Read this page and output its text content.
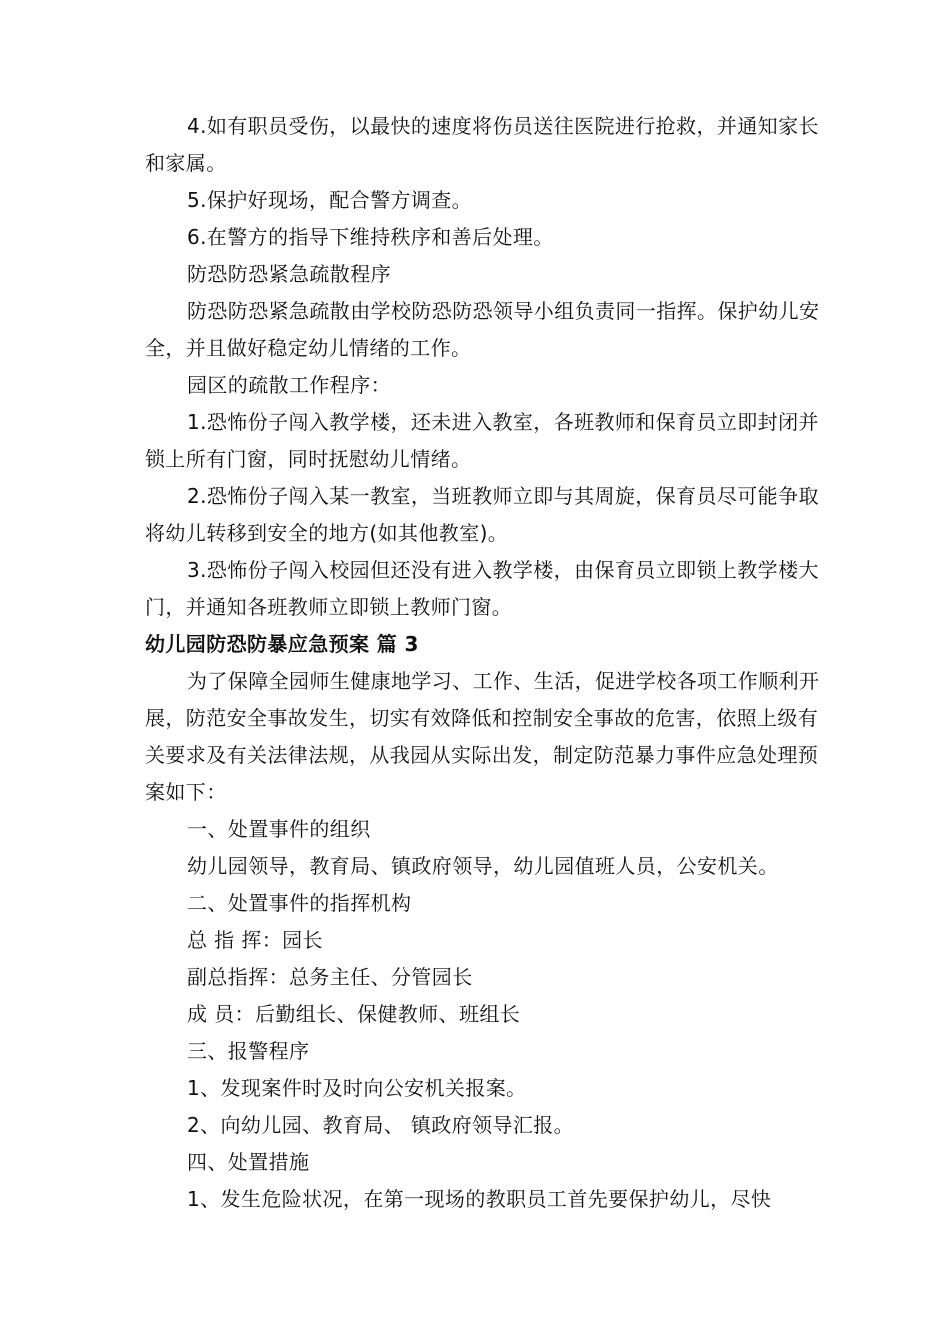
4.如有职员受伤，以最快的速度将伤员送往医院进行抢救，并通知家长和家属。

5.保护好现场，配合警方调查。

6.在警方的指导下维持秩序和善后处理。

防恐防恐紧急疏散程序

防恐防恐紧急疏散由学校防恐防恐领导小组负责同一指挥。保护幼儿安全，并且做好稳定幼儿情绪的工作。

园区的疏散工作程序：

1.恐怖份子闯入教学楼，还未进入教室，各班教师和保育员立即封闭并锁上所有门窗，同时抚慰幼儿情绪。

2.恐怖份子闯入某一教室，当班教师立即与其周旋，保育员尽可能争取将幼儿转移到安全的地方(如其他教室)。

3.恐怖份子闯入校园但还没有进入教学楼，由保育员立即锁上教学楼大门，并通知各班教师立即锁上教师门窗。

幼儿园防恐防暴应急预案 篇 3

为了保障全园师生健康地学习、工作、生活，促进学校各项工作顺利开展，防范安全事故发生，切实有效降低和控制安全事故的危害，依照上级有关要求及有关法律法规，从我园从实际出发，制定防范暴力事件应急处理预案如下：

一、处置事件的组织

幼儿园领导，教育局、镇政府领导，幼儿园值班人员，公安机关。

二、处置事件的指挥机构

总 指 挥：园长

副总指挥：总务主任、分管园长

成 员：后勤组长、保健教师、班组长

三、报警程序

1、发现案件时及时向公安机关报案。

2、向幼儿园、教育局、 镇政府领导汇报。

四、处置措施

1、发生危险状况，在第一现场的教职员工首先要保护幼儿，尽快
